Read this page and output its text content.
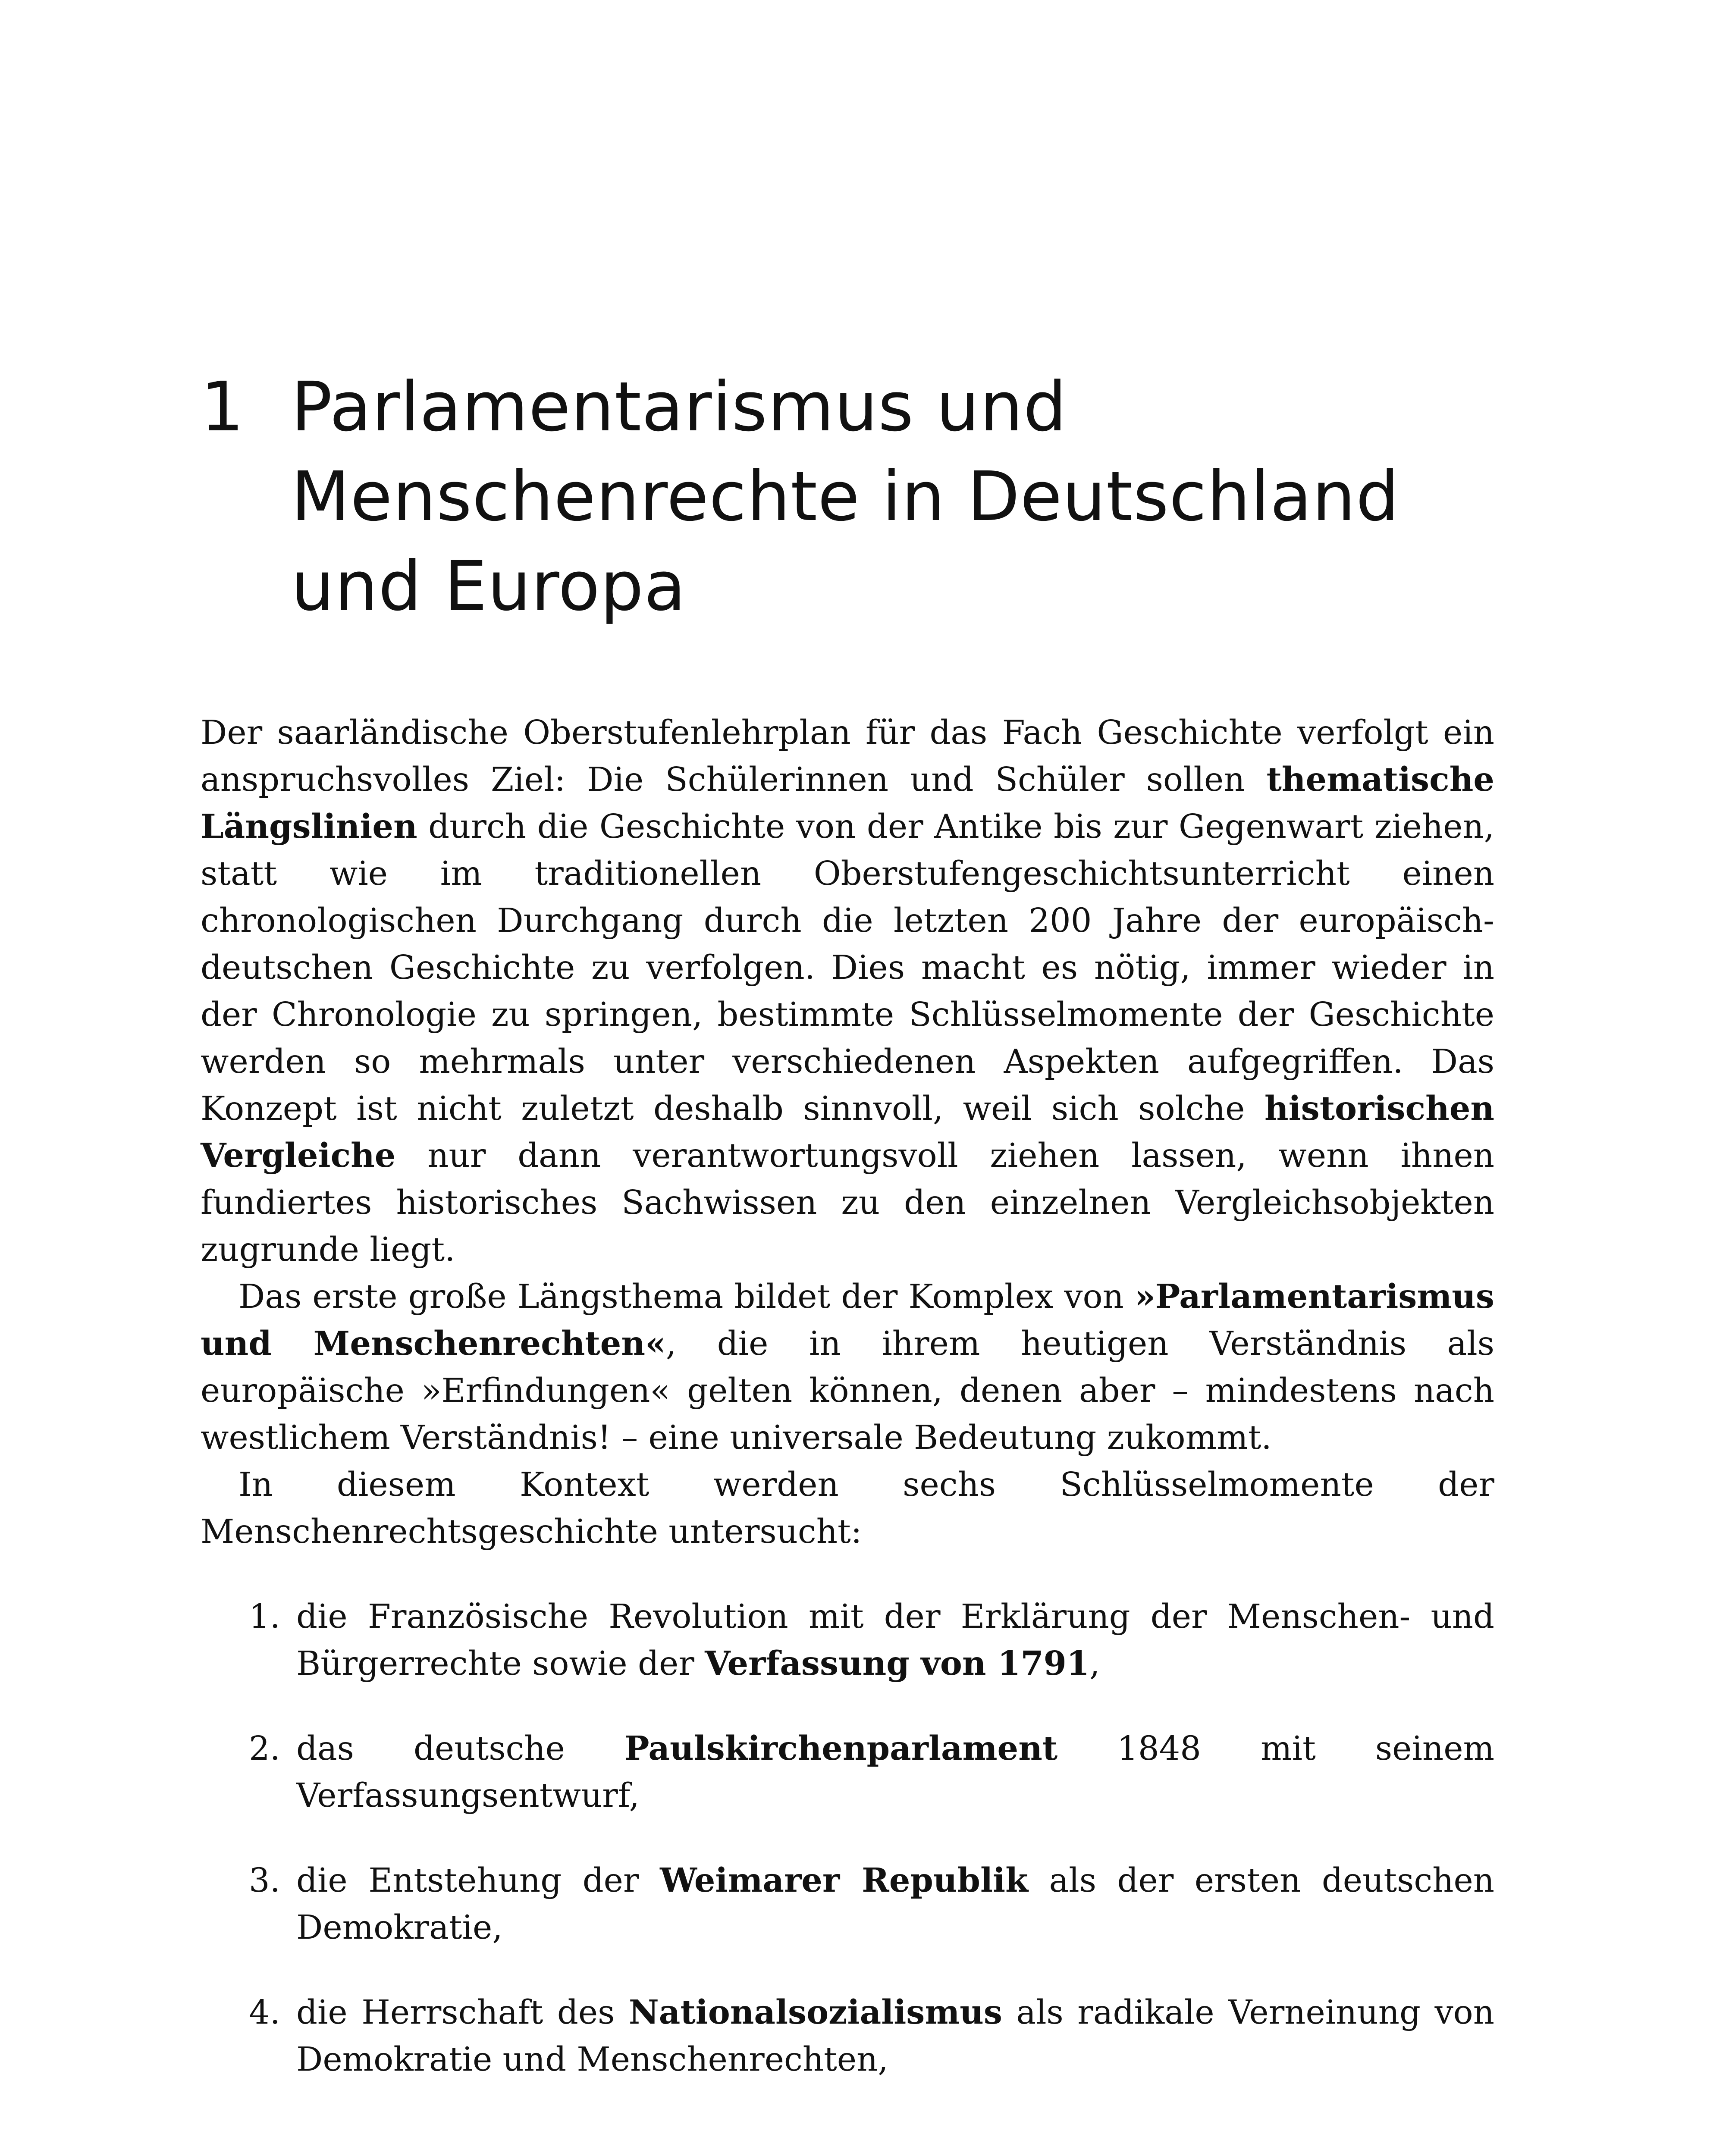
1 Parlamentarismus und
Menschenrechte in Deutschland
und Europa

Der saarländische Oberstufenlehrplan für das Fach Geschichte verfolgt ein anspruchsvolles Ziel: Die Schülerinnen und Schüler sollen thematische Längslinien durch die Geschichte von der Antike bis zur Gegenwart ziehen, statt wie im traditionellen Oberstufengeschichtsunterricht einen chronologischen Durchgang durch die letzten 200 Jahre der europäisch-deutschen Geschichte zu verfolgen. Dies macht es nötig, immer wieder in der Chronologie zu springen, bestimmte Schlüsselmomente der Geschichte werden so mehrmals unter verschiedenen Aspekten aufgegriffen. Das Konzept ist nicht zuletzt deshalb sinnvoll, weil sich solche historischen Vergleiche nur dann verantwortungsvoll ziehen lassen, wenn ihnen fundiertes historisches Sachwissen zu den einzelnen Vergleichsobjekten zugrunde liegt.

Das erste große Längsthema bildet der Komplex von »Parlamentarismus und Menschenrechten«, die in ihrem heutigen Verständnis als europäische »Erfindungen« gelten können, denen aber – mindestens nach westlichem Verständnis! – eine universale Bedeutung zukommt.

In diesem Kontext werden sechs Schlüsselmomente der Menschenrechtsgeschichte untersucht:

1. die Französische Revolution mit der Erklärung der Menschen- und Bürgerrechte sowie der Verfassung von 1791,
2. das deutsche Paulskirchenparlament 1848 mit seinem Verfassungsentwurf,
3. die Entstehung der Weimarer Republik als der ersten deutschen Demokratie,
4. die Herrschaft des Nationalsozialismus als radikale Verneinung von Demokratie und Menschenrechten,
